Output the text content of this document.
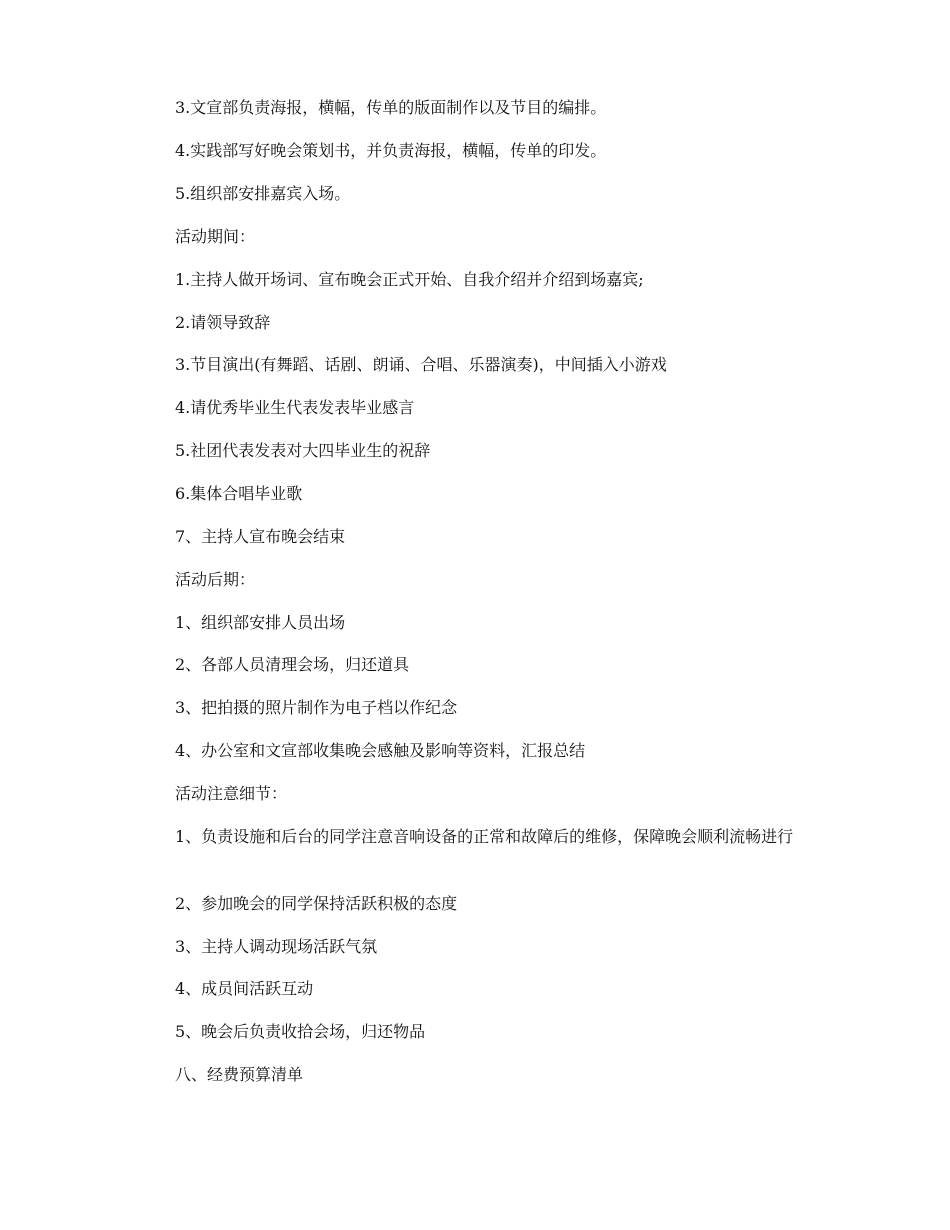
3.文宣部负责海报，横幅，传单的版面制作以及节目的编排。
4.实践部写好晚会策划书，并负责海报，横幅，传单的印发。
5.组织部安排嘉宾入场。
活动期间：
1.主持人做开场词、宣布晚会正式开始、自我介绍并介绍到场嘉宾;
2.请领导致辞
3.节目演出(有舞蹈、话剧、朗诵、合唱、乐器演奏)，中间插入小游戏
4.请优秀毕业生代表发表毕业感言
5.社团代表发表对大四毕业生的祝辞
6.集体合唱毕业歌
7、主持人宣布晚会结束
活动后期：
1、组织部安排人员出场
2、各部人员清理会场，归还道具
3、把拍摄的照片制作为电子档以作纪念
4、办公室和文宣部收集晚会感触及影响等资料，汇报总结
活动注意细节：
1、负责设施和后台的同学注意音响设备的正常和故障后的维修，保障晚会顺利流畅进行
2、参加晚会的同学保持活跃积极的态度
3、主持人调动现场活跃气氛
4、成员间活跃互动
5、晚会后负责收拾会场，归还物品
八、经费预算清单
